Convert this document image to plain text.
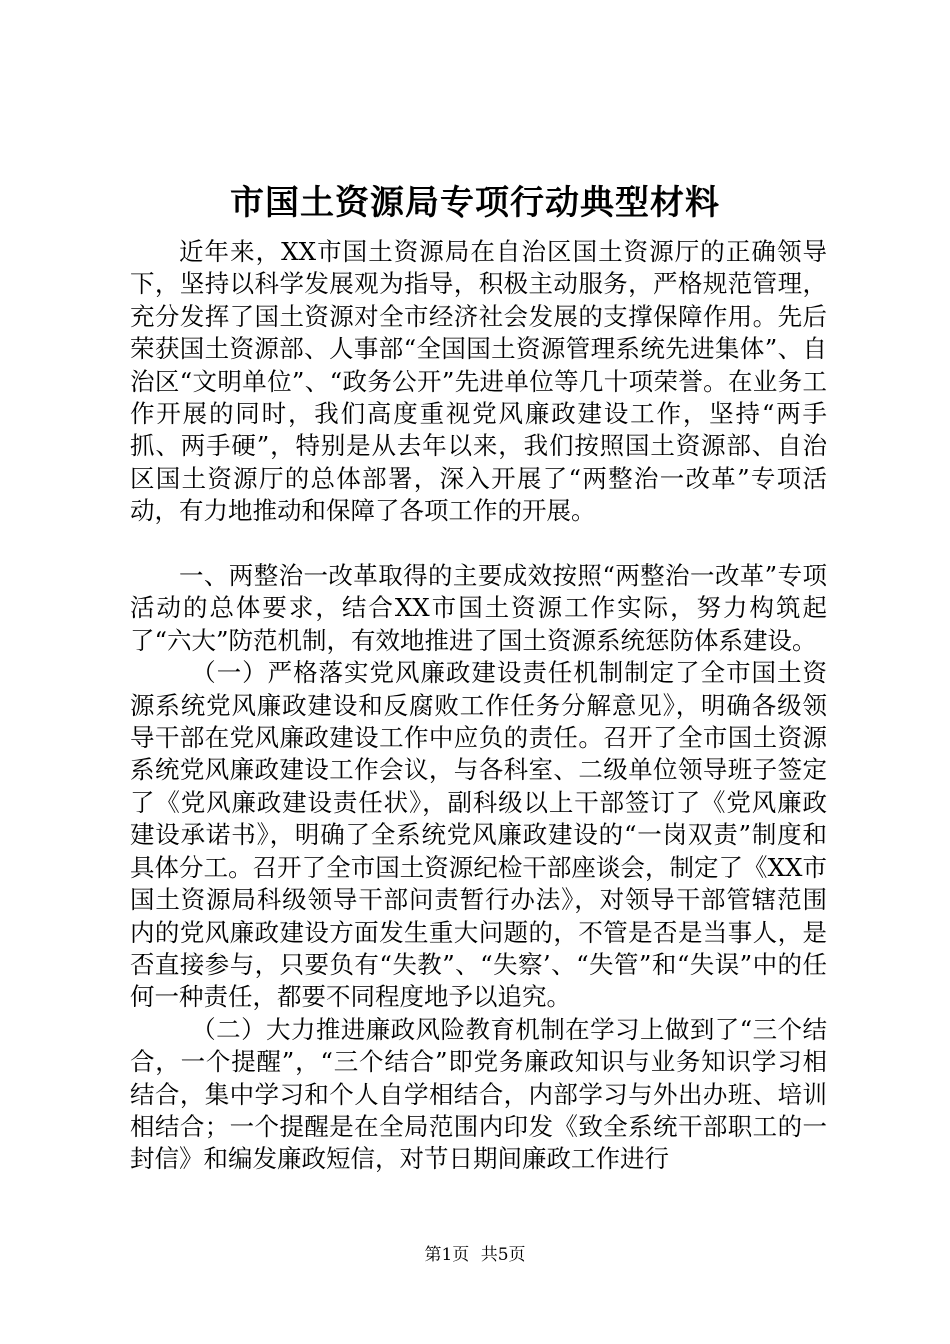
市国土资源局专项行动典型材料

近年来，XX市国土资源局在自治区国土资源厅的正确领导下，坚持以科学发展观为指导，积极主动服务，严格规范管理，充分发挥了国土资源对全市经济社会发展的支撑保障作用。先后荣获国土资源部、人事部“全国国土资源管理系统先进集体”、自治区“文明单位”、“政务公开”先进单位等几十项荣誉。在业务工作开展的同时，我们高度重视党风廉政建设工作，坚持“两手抓、两手硬”，特别是从去年以来，我们按照国土资源部、自治区国土资源厅的总体部署，深入开展了“两整治一改革”专项活动，有力地推动和保障了各项工作的开展。

一、两整治一改革取得的主要成效按照“两整治一改革”专项活动的总体要求，结合XX市国土资源工作实际，努力构筑起了“六大”防范机制，有效地推进了国土资源系统惩防体系建设。

（一）严格落实党风廉政建设责任机制制定了全市国土资源系统党风廉政建设和反腐败工作任务分解意见》，明确各级领导干部在党风廉政建设工作中应负的责任。召开了全市国土资源系统党风廉政建设工作会议，与各科室、二级单位领导班子签定了《党风廉政建设责任状》，副科级以上干部签订了《党风廉政建设承诺书》，明确了全系统党风廉政建设的“一岗双责”制度和具体分工。召开了全市国土资源纪检干部座谈会，制定了《XX市国土资源局科级领导干部问责暂行办法》，对领导干部管辖范围内的党风廉政建设方面发生重大问题的，不管是否是当事人，是否直接参与，只要负有“失教”、“失察’、“失管”和“失误”中的任何一种责任，都要不同程度地予以追究。

（二）大力推进廉政风险教育机制在学习上做到了“三个结合，一个提醒”，“三个结合”即党务廉政知识与业务知识学习相结合，集中学习和个人自学相结合，内部学习与外出办班、培训相结合；一个提醒是在全局范围内印发《致全系统干部职工的一封信》和编发廉政短信，对节日期间廉政工作进行

第1页 共5页
